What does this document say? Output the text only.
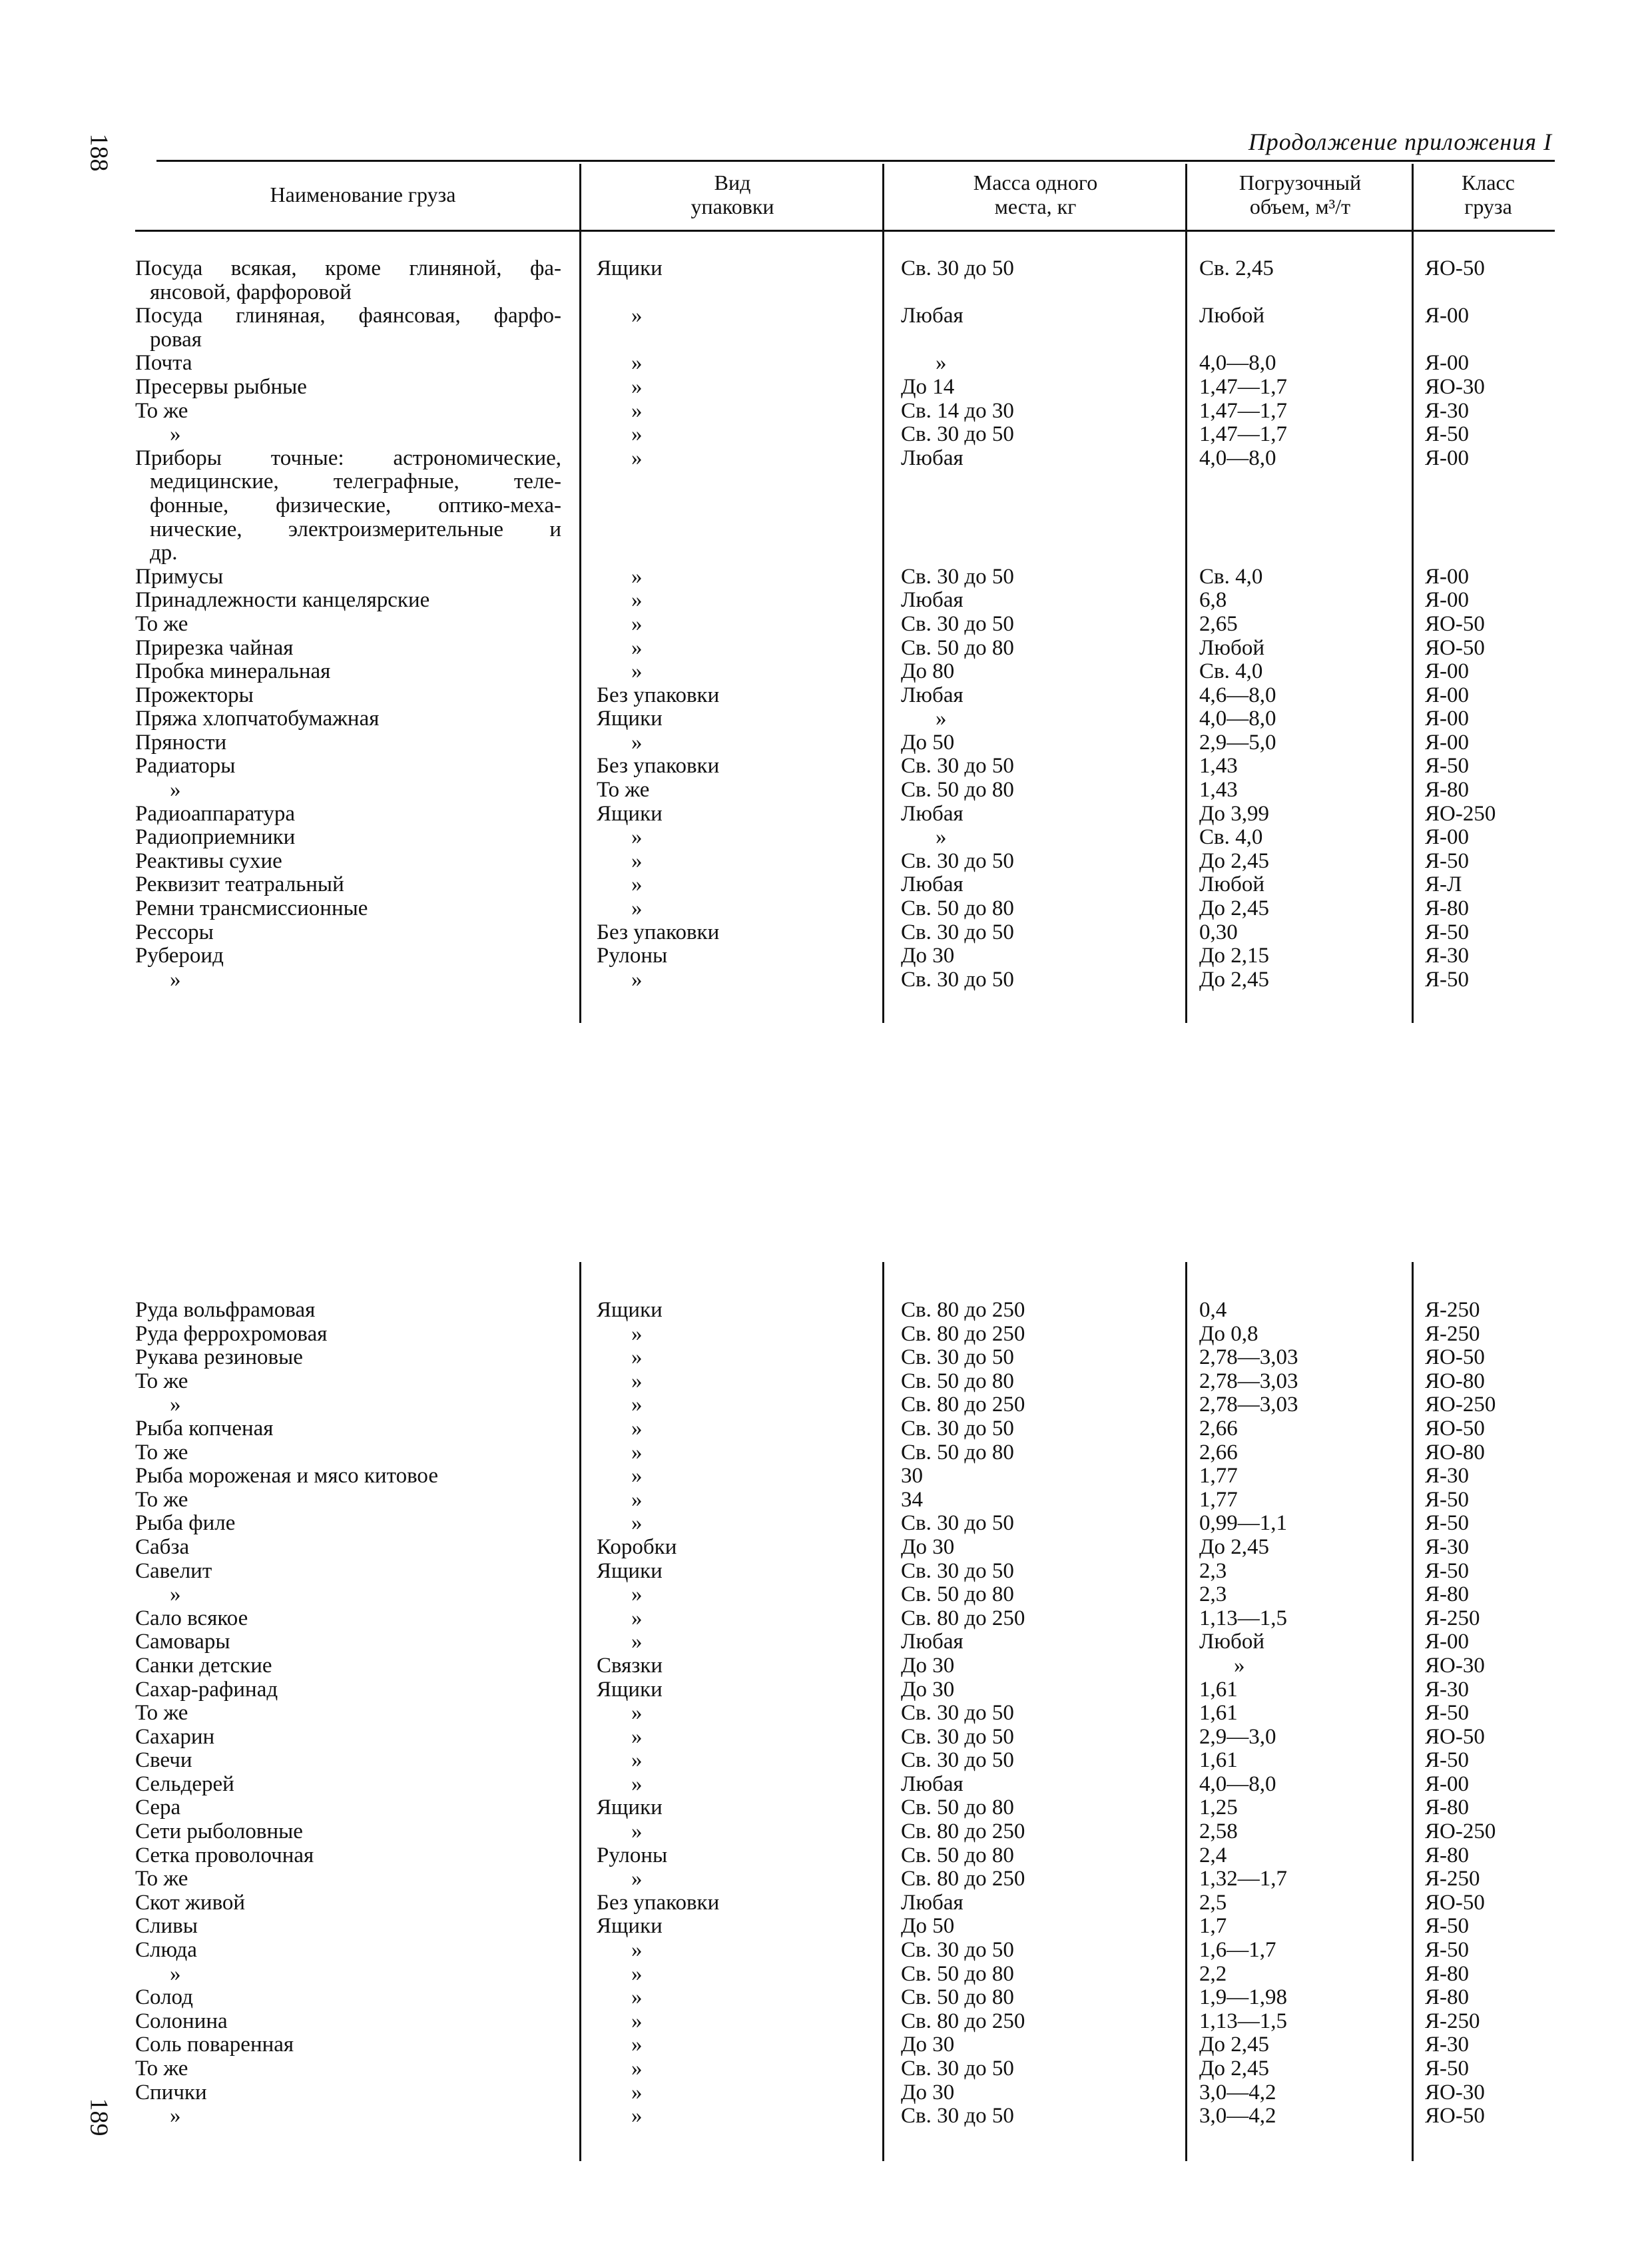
188
189
Продолжение приложения I
Наименование груза	Вид
упаковки
Масса одного
места, кг
Погрузочный
объем, м³/т
Класс
груза
Посуда всякая, кроме глиняной, фа-
янсовой, фарфоровой
Посуда глиняная, фаянсовая, фарфо-
ровая
Почта
Пресервы рыбные
То же
»
Приборы точные: астрономические,
медицинские, телеграфные, теле-
фонные, физические, оптико-меха-
нические, электроизмерительные и
др.
Примусы
Принадлежности канцелярские
То же
Прирезка чайная
Пробка минеральная
Прожекторы
Пряжа хлопчатобумажная
Пряности
Радиаторы
»
Радиоаппаратура
Радиоприемники
Реактивы сухие
Реквизит театральный
Ремни трансмиссионные
Рессоры
Рубероид
»
Ящики
»
»
»
»
»
»
»
»
»
»
»
Без упаковки
Ящики
»
Без упаковки
То же
Ящики
»
»
»
»
Без упаковки
Рулоны
»
Св. 30 до 50
Любая
»
До 14
Св. 14 до 30
Св. 30 до 50
Любая
Св. 30 до 50
Любая
Св. 30 до 50
Св. 50 до 80
До 80
Любая
»
До 50
Св. 30 до 50
Св. 50 до 80
Любая
»
Св. 30 до 50
Любая
Св. 50 до 80
Св. 30 до 50
До 30
Св. 30 до 50
Св. 2,45
Любой
4,0—8,0
1,47—1,7
1,47—1,7
1,47—1,7
4,0—8,0
Св. 4,0
6,8
2,65
Любой
Св. 4,0
4,6—8,0
4,0—8,0
2,9—5,0
1,43
1,43
До 3,99
Св. 4,0
До 2,45
Любой
До 2,45
0,30
До 2,15
До 2,45
ЯО-50
Я-00
Я-00
ЯО-30
Я-30
Я-50
Я-00
Я-00
Я-00
ЯО-50
ЯО-50
Я-00
Я-00
Я-00
Я-00
Я-50
Я-80
ЯО-250
Я-00
Я-50
Я-Л
Я-80
Я-50
Я-30
Я-50
Руда вольфрамовая
Руда феррохромовая
Рукава резиновые
То же
»
Рыба копченая
То же
Рыба мороженая и мясо китовое
То же
Рыба филе
Сабза
Савелит
»
Сало всякое
Самовары
Санки детские
Сахар-рафинад
То же
Сахарин
Свечи
Сельдерей
Сера
Сети рыболовные
Сетка проволочная
То же
Скот живой
Сливы
Слюда
»
Солод
Солонина
Соль поваренная
То же
Спички
»
Ящики
»
»
»
»
»
»
»
»
»
Коробки
Ящики
»
»
»
Связки
Ящики
»
»
»
»
Ящики
»
Рулоны
»
Без упаковки
Ящики
»
»
»
»
»
»
»
»
Св. 80 до 250
Св. 80 до 250
Св. 30 до 50
Св. 50 до 80
Св. 80 до 250
Св. 30 до 50
Св. 50 до 80
30
34
Св. 30 до 50
До 30
Св. 30 до 50
Св. 50 до 80
Св. 80 до 250
Любая
До 30
До 30
Св. 30 до 50
Св. 30 до 50
Св. 30 до 50
Любая
Св. 50 до 80
Св. 80 до 250
Св. 50 до 80
Св. 80 до 250
Любая
До 50
Св. 30 до 50
Св. 50 до 80
Св. 50 до 80
Св. 80 до 250
До 30
Св. 30 до 50
До 30
Св. 30 до 50
0,4
До 0,8
2,78—3,03
2,78—3,03
2,78—3,03
2,66
2,66
1,77
1,77
0,99—1,1
До 2,45
2,3
2,3
1,13—1,5
Любой
»
1,61
1,61
2,9—3,0
1,61
4,0—8,0
1,25
2,58
2,4
1,32—1,7
2,5
1,7
1,6—1,7
2,2
1,9—1,98
1,13—1,5
До 2,45
До 2,45
3,0—4,2
3,0—4,2
Я-250
Я-250
ЯО-50
ЯО-80
ЯО-250
ЯО-50
ЯО-80
Я-30
Я-50
Я-50
Я-30
Я-50
Я-80
Я-250
Я-00
ЯО-30
Я-30
Я-50
ЯО-50
Я-50
Я-00
Я-80
ЯО-250
Я-80
Я-250
ЯО-50
Я-50
Я-50
Я-80
Я-80
Я-250
Я-30
Я-50
ЯО-30
ЯО-50
